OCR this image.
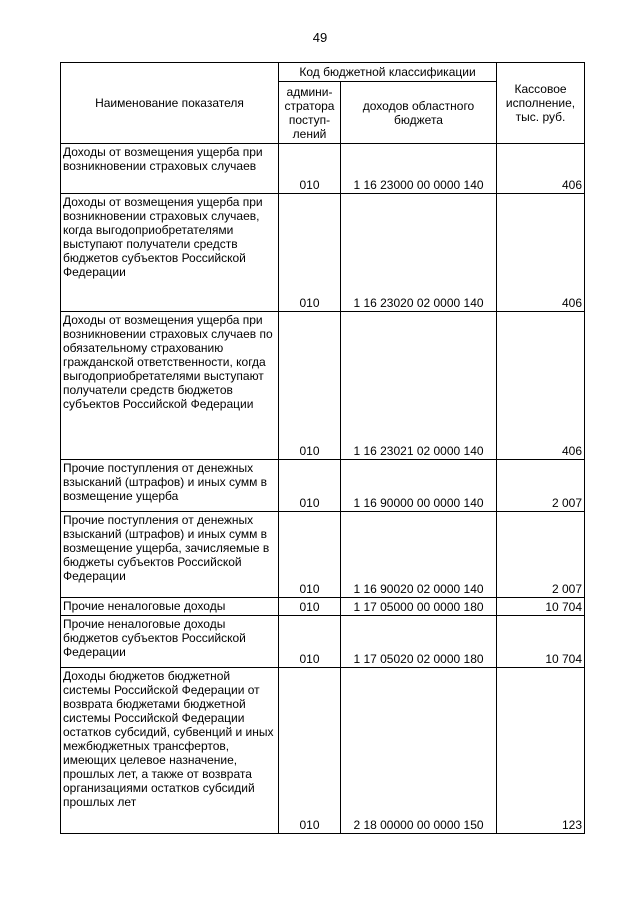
49
Наименование показателя	Код бюджетной классификации		Кассовое исполнение, тыс. руб.
	админи-стратора поступ-лений	доходов областного бюджета	
Доходы от возмещения ущерба при возникновении страховых случаев	010	1 16 23000 00 0000 140	406
Доходы от возмещения ущерба при возникновении страховых случаев, когда выгодоприобретателями выступают получатели средств бюджетов субъектов Российской Федерации	010	1 16 23020 02 0000 140	406
Доходы от возмещения ущерба при возникновении страховых случаев по обязательному страхованию гражданской ответственности, когда выгодоприобретателями выступают получатели средств бюджетов субъектов Российской Федерации	010	1 16 23021 02 0000 140	406
Прочие поступления от денежных взысканий (штрафов) и иных сумм в возмещение ущерба	010	1 16 90000 00 0000 140	2 007
Прочие поступления от денежных взысканий (штрафов) и иных сумм в возмещение ущерба, зачисляемые в бюджеты субъектов Российской Федерации	010	1 16 90020 02 0000 140	2 007
Прочие неналоговые доходы	010	1 17 05000 00 0000 180	10 704
Прочие неналоговые доходы бюджетов субъектов Российской Федерации	010	1 17 05020 02 0000 180	10 704
Доходы бюджетов бюджетной системы Российской Федерации от возврата бюджетами бюджетной системы Российской Федерации остатков субсидий, субвенций и иных межбюджетных трансфертов, имеющих целевое назначение, прошлых лет, а также от возврата организациями остатков субсидий прошлых лет	010	2 18 00000 00 0000 150	123
